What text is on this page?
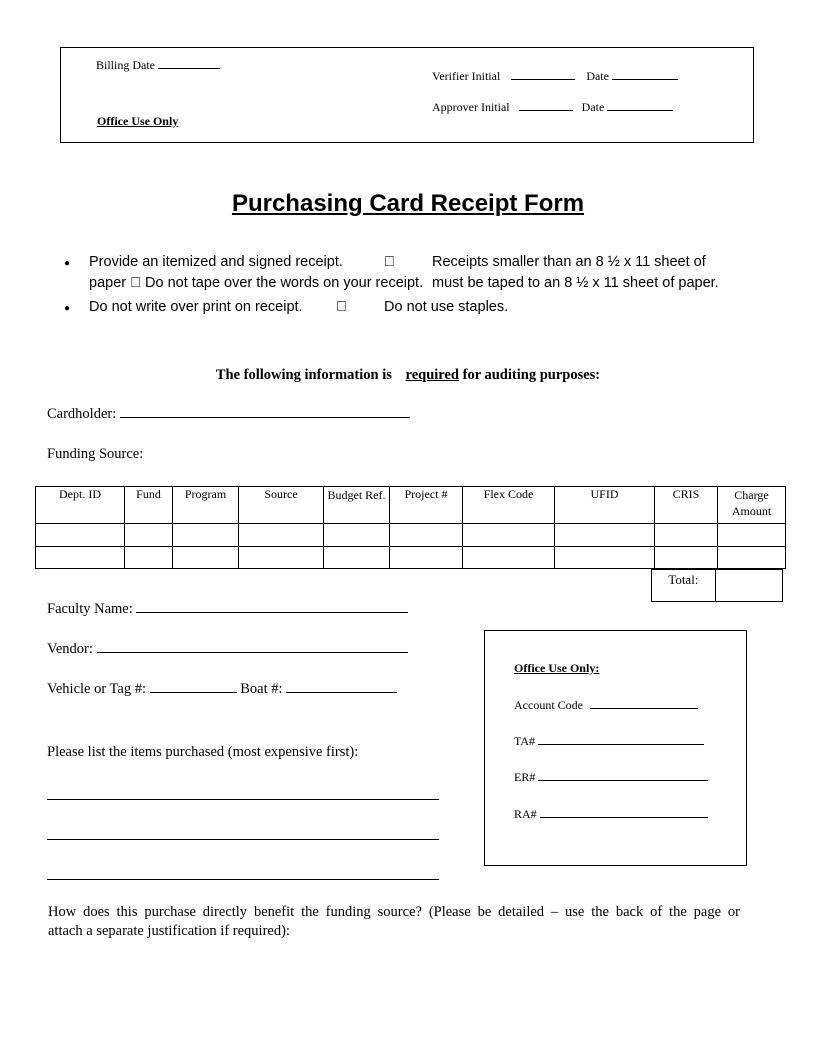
Billing Date
Office Use Only
Verifier Initial	Date
Approver Initial	Date
Purchasing Card Receipt Form
● Provide an itemized and signed receipt.	Receipts smaller than an 8 ½ x 11 sheet of
paper Do not tape over the words on your receipt. must be taped to an 8 ½ x 11 sheet of paper.
● Do not write over print on receipt.	Do not use staples.
The following information is required for auditing purposes:
Cardholder:
Funding Source:
Dept. ID	Fund	Program	Source	Budget Ref.	Project #	Flex Code	UFID	CRIS	Charge Amount

Total:	
Faculty Name:
Vendor:
Vehicle or Tag #:	Boat #:
Please list the items purchased (most expensive first):
Office Use Only:
Account Code
TA#
ER#
RA#
How does this purchase directly benefit the funding source? (Please be detailed – use the back of the page or
attach a separate justification if required):
